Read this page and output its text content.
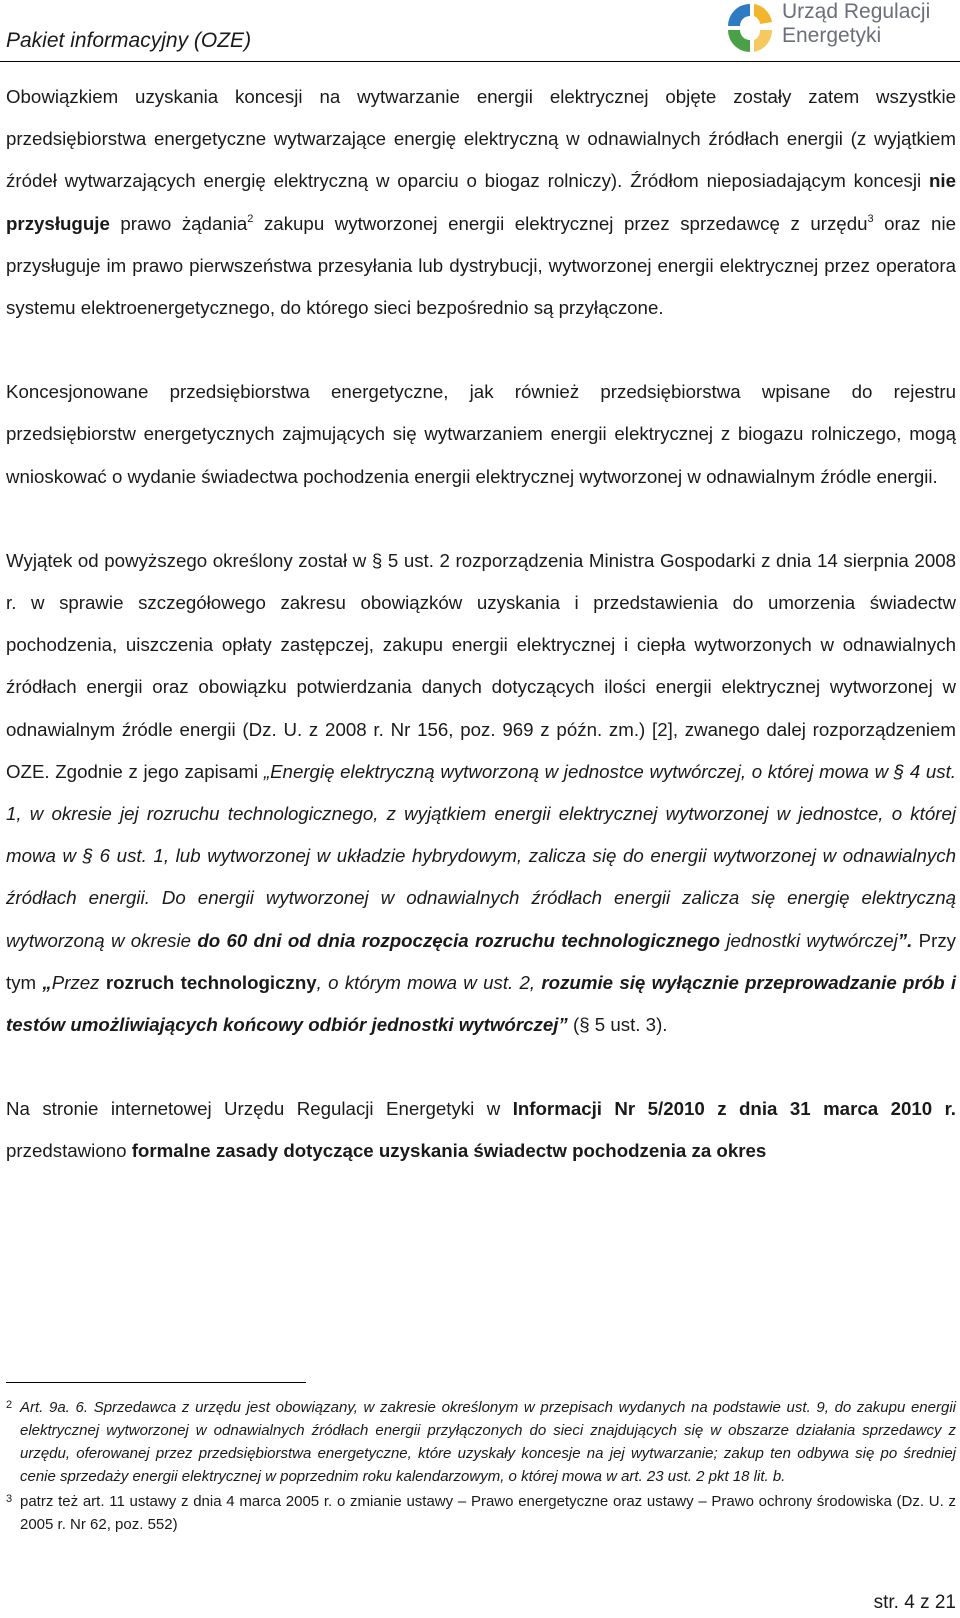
Pakiet informacyjny (OZE)
Urząd Regulacji
Energetyki

Obowiązkiem uzyskania koncesji na wytwarzanie energii elektrycznej objęte zostały zatem wszystkie przedsiębiorstwa energetyczne wytwarzające energię elektryczną w odnawialnych źródłach energii (z wyjątkiem źródeł wytwarzających energię elektryczną w oparciu o biogaz rolniczy). Źródłom nieposiadającym koncesji nie przysługuje prawo żądania$^2$ zakupu wytworzonej energii elektrycznej przez sprzedawcę z urzędu$^3$ oraz nie przysługuje im prawo pierwszeństwa przesyłania lub dystrybucji, wytworzonej energii elektrycznej przez operatora systemu elektroenergetycznego, do którego sieci bezpośrednio są przyłączone.

Koncesjonowane przedsiębiorstwa energetyczne, jak również przedsiębiorstwa wpisane do rejestru przedsiębiorstw energetycznych zajmujących się wytwarzaniem energii elektrycznej z biogazu rolniczego, mogą wnioskować o wydanie świadectwa pochodzenia energii elektrycznej wytworzonej w odnawialnym źródle energii.

Wyjątek od powyższego określony został w § 5 ust. 2 rozporządzenia Ministra Gospodarki z dnia 14 sierpnia 2008 r. w sprawie szczegółowego zakresu obowiązków uzyskania i przedstawienia do umorzenia świadectw pochodzenia, uiszczenia opłaty zastępczej, zakupu energii elektrycznej i ciepła wytworzonych w odnawialnych źródłach energii oraz obowiązku potwierdzania danych dotyczących ilości energii elektrycznej wytworzonej w odnawialnym źródle energii (Dz. U. z 2008 r. Nr 156, poz. 969 z późn. zm.) [2], zwanego dalej rozporządzeniem OZE. Zgodnie z jego zapisami „Energię elektryczną wytworzoną w jednostce wytwórczej, o której mowa w § 4 ust. 1, w okresie jej rozruchu technologicznego, z wyjątkiem energii elektrycznej wytworzonej w jednostce, o której mowa w § 6 ust. 1, lub wytworzonej w układzie hybrydowym, zalicza się do energii wytworzonej w odnawialnych źródłach energii. Do energii wytworzonej w odnawialnych źródłach energii zalicza się energię elektryczną wytworzoną w okresie do 60 dni od dnia rozpoczęcia rozruchu technologicznego jednostki wytwórczej”. Przy tym „Przez rozruch technologiczny, o którym mowa w ust. 2, rozumie się wyłącznie przeprowadzanie prób i testów umożliwiających końcowy odbiór jednostki wytwórczej” (§ 5 ust. 3).

Na stronie internetowej Urzędu Regulacji Energetyki w Informacji Nr 5/2010 z dnia 31 marca 2010 r. przedstawiono formalne zasady dotyczące uzyskania świadectw pochodzenia za okres

2 Art. 9a. 6. Sprzedawca z urzędu jest obowiązany, w zakresie określonym w przepisach wydanych na podstawie ust. 9, do zakupu energii elektrycznej wytworzonej w odnawialnych źródłach energii przyłączonych do sieci znajdujących się w obszarze działania sprzedawcy z urzędu, oferowanej przez przedsiębiorstwa energetyczne, które uzyskały koncesje na jej wytwarzanie; zakup ten odbywa się po średniej cenie sprzedaży energii elektrycznej w poprzednim roku kalendarzowym, o której mowa w art. 23 ust. 2 pkt 18 lit. b.
3 patrz też art. 11 ustawy z dnia 4 marca 2005 r. o zmianie ustawy – Prawo energetyczne oraz ustawy – Prawo ochrony środowiska (Dz. U. z 2005 r. Nr 62, poz. 552)
str. 4 z 21
